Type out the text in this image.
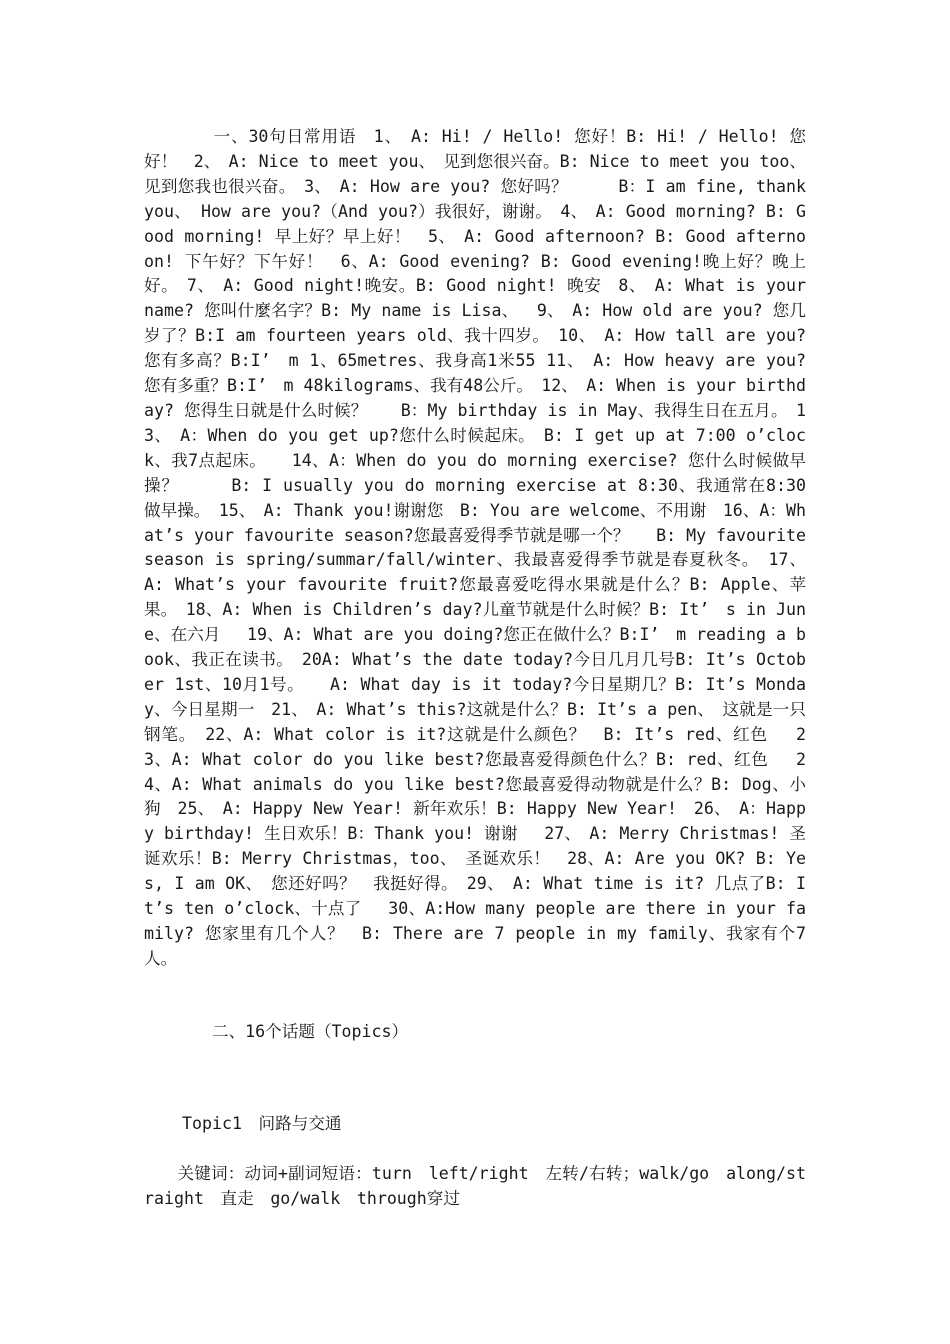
　　　　一、30句日常用语　1、　A: Hi! / Hello! 您好！B: Hi! / Hello! 您好！　2、　A: Nice to meet you、　见到您很兴奋。B: Nice to meet you too、见到您我也很兴奋。　3、　A: How are you? 您好吗？　　　B：I am fine, thank you、 How are you?（And you?）我很好，谢谢。　4、　A: Good morning? B: Good morning! 早上好？早上好！　5、　A: Good afternoon? B: Good afternoon! 下午好？下午好！　6、A: Good evening? B: Good evening!晚上好？晚上好。　7、　A: Good night!晚安。B: Good night! 晚安　8、　A: What is your name? 您叫什麼名字？B: My name is Lisa、　 9、　A: How old are you? 您几岁了？B:I am fourteen years old、我十四岁。　10、　A: How tall are you? 您有多高？B:I’　m 1、65metres、我身高1米55 11、　A: How heavy are you? 您有多重？B:I’　m 48kilograms、我有48公斤。　12、　A: When is your birthday? 您得生日就是什么时候？　　B：My birthday is in May、我得生日在五月。　13、　A：When do you get up?您什么时候起床。　B: I get up at 7:00 o’clock、我7点起床。　　14、A：When do you do morning exercise? 您什么时候做早操？　　　B: I usually you do morning exercise at 8:30、我通常在8:30做早操。　15、　A: Thank you!谢谢您　B: You are welcome、不用谢　16、A：What’s your favourite season?您最喜爱得季节就是哪一个？　 B: My favourite season is spring/summar/fall/winter、我最喜爱得季节就是春夏秋冬。　17、A: What’s your favourite fruit?您最喜爱吃得水果就是什么？B: Apple、苹果。　18、A: When is Children’s day?儿童节就是什么时候？B: It’　s in June、在六月　 19、A: What are you doing?您正在做什么？B:I’　m reading a book、我正在读书。　20A: What’s the date today?今日几月几号B: It’s October 1st、10月1号。　　A: What day is it today?今日星期几？B: It’s Monday、今日星期一　21、　A: What’s this?这就是什么？B: It’s a pen、　这就是一只钢笔。　22、A: What color is it?这就是什么颜色？　B: It’s red、红色　 23、A: What color do you like best?您最喜爱得颜色什么？B: red、红色　 24、A: What animals do you like best?您最喜爱得动物就是什么？B: Dog、小狗　25、　A: Happy New Year! 新年欢乐！B: Happy New Year!　26、　A：Happy birthday! 生日欢乐！B：Thank you! 谢谢　 27、　A: Merry Christmas! 圣诞欢乐！B: Merry Christmas，too、　圣诞欢乐！　28、A: Are you OK? B: Yes, I am OK、　您还好吗？　我挺好得。　29、　A: What time is it? 几点了B: It’s ten o’clock、十点了　 30、A:How many people are there in your family? 您家里有几个人？　B: There are 7 people in my family、我家有个7人。

二、16个话题（Topics）

Topic1　问路与交通

　　关键词：动词+副词短语：turn　left/right　左转/右转；walk/go　along/straight　直走　go/walk　through穿过
